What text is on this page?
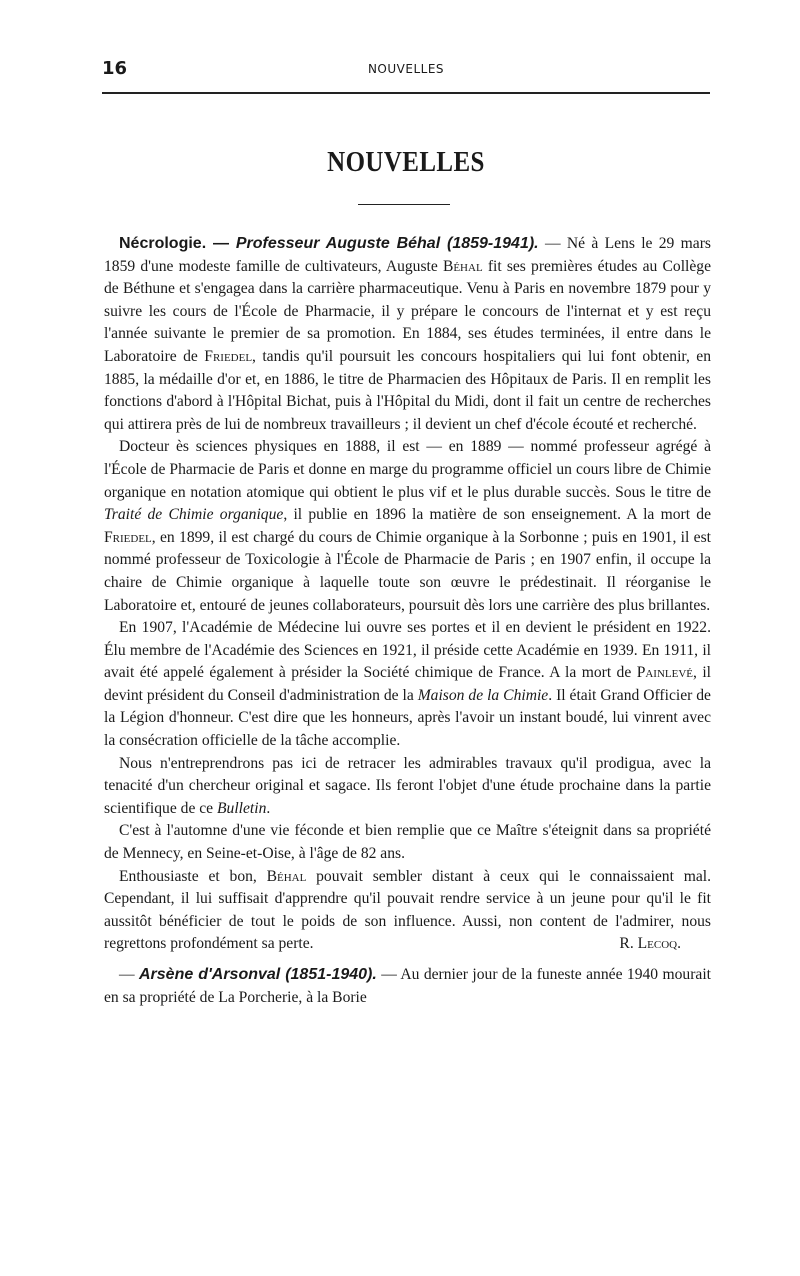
16	NOUVELLES
NOUVELLES

Nécrologie. — Professeur Auguste Béhal (1859-1941). — Né à Lens le 29 mars 1859 d'une modeste famille de cultivateurs, Auguste Béhal fit ses premières études au Collège de Béthune et s'engagea dans la carrière pharmaceutique. Venu à Paris en novembre 1879 pour y suivre les cours de l'École de Pharmacie, il y prépare le concours de l'internat et y est reçu l'année suivante le premier de sa promotion. En 1884, ses études terminées, il entre dans le Laboratoire de Friedel, tandis qu'il poursuit les concours hospitaliers qui lui font obtenir, en 1885, la médaille d'or et, en 1886, le titre de Pharmacien des Hôpitaux de Paris. Il en remplit les fonctions d'abord à l'Hôpital Bichat, puis à l'Hôpital du Midi, dont il fait un centre de recherches qui attirera près de lui de nombreux travailleurs ; il devient un chef d'école écouté et recherché.

Docteur ès sciences physiques en 1888, il est — en 1889 — nommé professeur agrégé à l'École de Pharmacie de Paris et donne en marge du programme officiel un cours libre de Chimie organique en notation atomique qui obtient le plus vif et le plus durable succès. Sous le titre de Traité de Chimie organique, il publie en 1896 la matière de son enseignement. A la mort de Friedel, en 1899, il est chargé du cours de Chimie organique à la Sorbonne ; puis en 1901, il est nommé professeur de Toxicologie à l'École de Pharmacie de Paris ; en 1907 enfin, il occupe la chaire de Chimie organique à laquelle toute son œuvre le prédestinait. Il réorganise le Laboratoire et, entouré de jeunes collaborateurs, poursuit dès lors une carrière des plus brillantes.

En 1907, l'Académie de Médecine lui ouvre ses portes et il en devient le président en 1922. Élu membre de l'Académie des Sciences en 1921, il préside cette Académie en 1939. En 1911, il avait été appelé également à présider la Société chimique de France. A la mort de Painlevé, il devint président du Conseil d'administration de la Maison de la Chimie. Il était Grand Officier de la Légion d'honneur. C'est dire que les honneurs, après l'avoir un instant boudé, lui vinrent avec la consécration officielle de la tâche accomplie.

Nous n'entreprendrons pas ici de retracer les admirables travaux qu'il prodigua, avec la tenacité d'un chercheur original et sagace. Ils feront l'objet d'une étude prochaine dans la partie scientifique de ce Bulletin.

C'est à l'automne d'une vie féconde et bien remplie que ce Maître s'éteignit dans sa propriété de Mennecy, en Seine-et-Oise, à l'âge de 82 ans.

Enthousiaste et bon, Béhal pouvait sembler distant à ceux qui le connaissaient mal. Cependant, il lui suffisait d'apprendre qu'il pouvait rendre service à un jeune pour qu'il le fit aussitôt bénéficier de tout le poids de son influence. Aussi, non content de l'admirer, nous regrettons profondément sa perte.	R. Lecoq.

— Arsène d'Arsonval (1851-1940). — Au dernier jour de la funeste année 1940 mourait en sa propriété de La Porcherie, à la Borie
